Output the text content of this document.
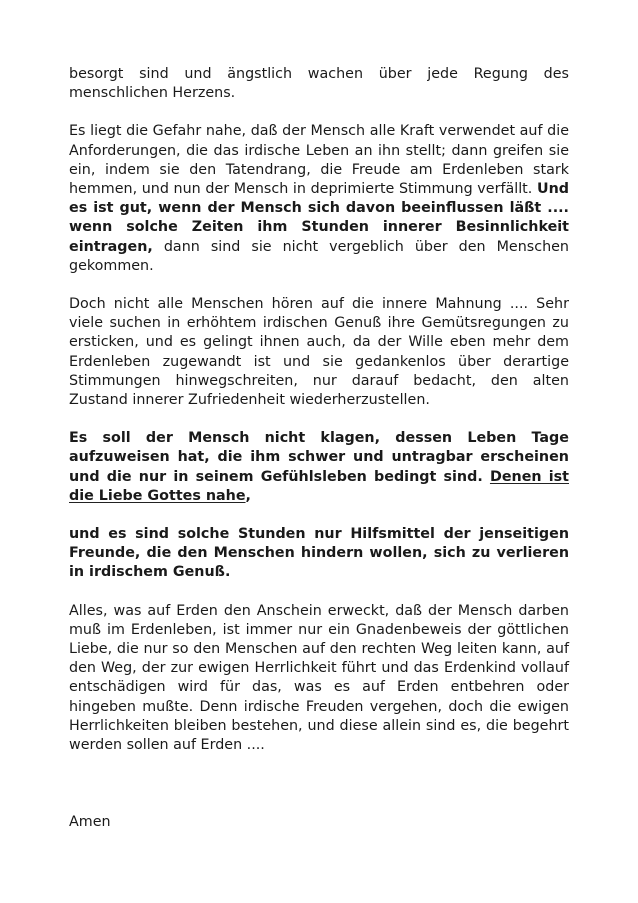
besorgt sind und ängstlich wachen über jede Regung des menschlichen Herzens.

Es liegt die Gefahr nahe, daß der Mensch alle Kraft verwendet auf die Anforderungen, die das irdische Leben an ihn stellt; dann greifen sie ein, indem sie den Tatendrang, die Freude am Erdenleben stark hemmen, und nun der Mensch in deprimierte Stimmung verfällt. Und es ist gut, wenn der Mensch sich davon beeinflussen läßt .... wenn solche Zeiten ihm Stunden innerer Besinnlichkeit eintragen, dann sind sie nicht vergeblich über den Menschen gekommen.

Doch nicht alle Menschen hören auf die innere Mahnung .... Sehr viele suchen in erhöhtem irdischen Genuß ihre Gemütsregungen zu ersticken, und es gelingt ihnen auch, da der Wille eben mehr dem Erdenleben zugewandt ist und sie gedankenlos über derartige Stimmungen hinwegschreiten, nur darauf bedacht, den alten Zustand innerer Zufriedenheit wiederherzustellen.

Es soll der Mensch nicht klagen, dessen Leben Tage aufzuweisen hat, die ihm schwer und untragbar erscheinen und die nur in seinem Gefühlsleben bedingt sind. Denen ist die Liebe Gottes nahe,

und es sind solche Stunden nur Hilfsmittel der jenseitigen Freunde, die den Menschen hindern wollen, sich zu verlieren in irdischem Genuß.

Alles, was auf Erden den Anschein erweckt, daß der Mensch darben muß im Erdenleben, ist immer nur ein Gnadenbeweis der göttlichen Liebe, die nur so den Menschen auf den rechten Weg leiten kann, auf den Weg, der zur ewigen Herrlichkeit führt und das Erdenkind vollauf entschädigen wird für das, was es auf Erden entbehren oder hingeben mußte. Denn irdische Freuden vergehen, doch die ewigen Herrlichkeiten bleiben bestehen, und diese allein sind es, die begehrt werden sollen auf Erden ....

Amen
